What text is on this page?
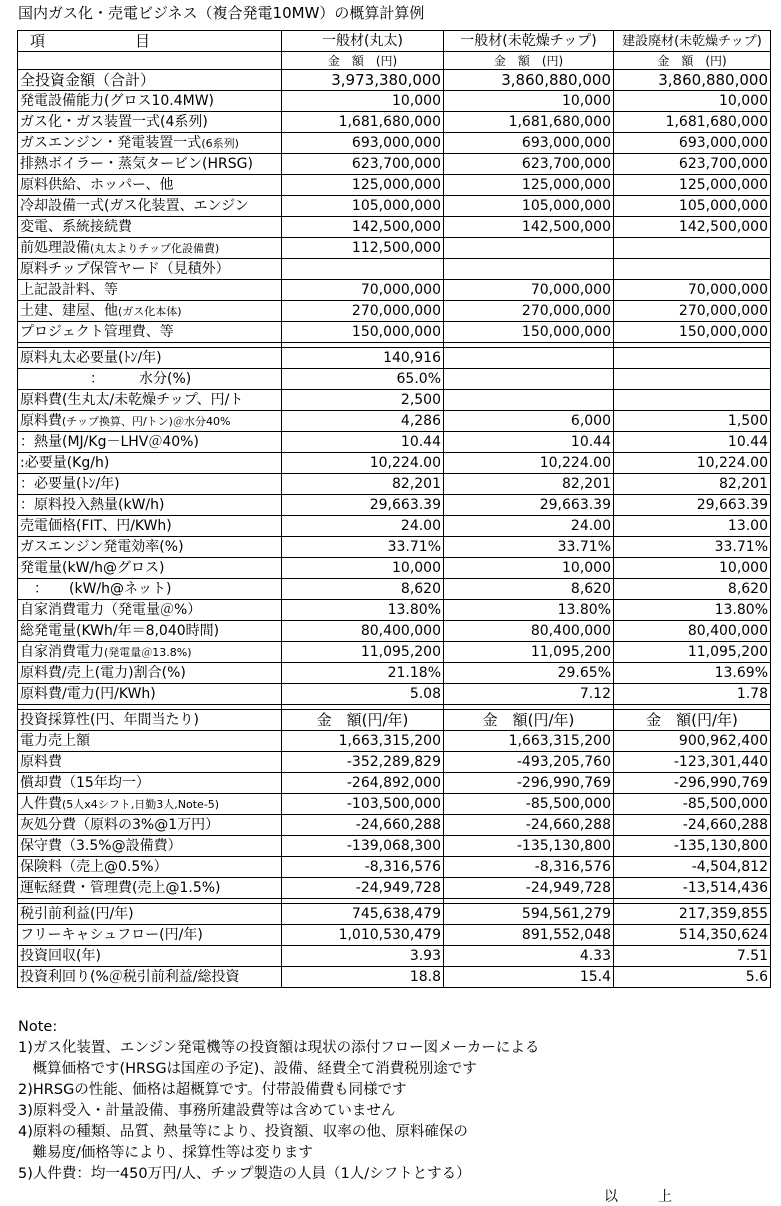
国内ガス化・売電ビジネス（複合発電10MW）の概算計算例
項　　　　　　目	一般材(丸太)	一般材(未乾燥チップ)	建設廃材(未乾燥チップ)
	金　額　(円)	金　額　(円)	金　額　(円)
全投資金額（合計）	3,973,380,000	3,860,880,000	3,860,880,000
発電設備能力(グロス10.4MW)	10,000	10,000	10,000
ガス化・ガス装置一式(4系列)	1,681,680,000	1,681,680,000	1,681,680,000
ガスエンジン・発電装置一式(6系列)	693,000,000	693,000,000	693,000,000
排熱ボイラー・蒸気タービン(HRSG)	623,700,000	623,700,000	623,700,000
原料供給、ホッパー、他	125,000,000	125,000,000	125,000,000
冷却設備一式(ガス化装置、エンジン	105,000,000	105,000,000	105,000,000
変電、系統接続費	142,500,000	142,500,000	142,500,000
前処理設備(丸太よりチップ化設備費)	112,500,000		
原料チップ保管ヤード（見積外）			
上記設計料、等	70,000,000	70,000,000	70,000,000
土建、建屋、他(ガス化本体)	270,000,000	270,000,000	270,000,000
プロジェクト管理費、等	150,000,000	150,000,000	150,000,000

原料丸太必要量(ﾄﾝ/年)	140,916		
　　　　　：　　　水分(%)	65.0%		
原料費(生丸太/未乾燥チップ、円/ト	2,500		
原料費(チップ換算、円/トン)＠水分40%	4,286	6,000	1,500
：熱量(MJ/Kg－LHV＠40%)	10.44	10.44	10.44
:必要量(Kg/h)	10,224.00	10,224.00	10,224.00
：必要量(ﾄﾝ/年)	82,201	82,201	82,201
：原料投入熱量(kW/h)	29,663.39	29,663.39	29,663.39
売電価格(FIT、円/KWh)	24.00	24.00	13.00
ガスエンジン発電効率(%)	33.71%	33.71%	33.71%
発電量(kW/h@グロス)	10,000	10,000	10,000
　：　　(kW/h@ネット)	8,620	8,620	8,620
自家消費電力（発電量＠%）	13.80%	13.80%	13.80%
総発電量(KWh/年＝8,040時間)	80,400,000	80,400,000	80,400,000
自家消費電力(発電量＠13.8%)	11,095,200	11,095,200	11,095,200
原料費/売上(電力)割合(%)	21.18%	29.65%	13.69%
原料費/電力(円/KWh)	5.08	7.12	1.78

投資採算性(円、年間当たり)	金　額(円/年)	金　額(円/年)	金　額(円/年)
電力売上額	1,663,315,200	1,663,315,200	900,962,400
原料費	-352,289,829	-493,205,760	-123,301,440
償却費（15年均一）	-264,892,000	-296,990,769	-296,990,769
人件費(5人x4シフト,日勤3人,Note-5)	-103,500,000	-85,500,000	-85,500,000
灰処分費（原料の3%@1万円）	-24,660,288	-24,660,288	-24,660,288
保守費（3.5%@設備費）	-139,068,300	-135,130,800	-135,130,800
保険料（売上@0.5%）	-8,316,576	-8,316,576	-4,504,812
運転経費・管理費(売上@1.5%)	-24,949,728	-24,949,728	-13,514,436

税引前利益(円/年)	745,638,479	594,561,279	217,359,855
フリーキャシュフロー(円/年)	1,010,530,479	891,552,048	514,350,624
投資回収(年)	3.93	4.33	7.51
投資利回り(%＠税引前利益/総投資	18.8	15.4	5.6
Note:
1)ガス化装置、エンジン発電機等の投資額は現状の添付フロー図メーカーによる
　概算価格です(HRSGは国産の予定)、設備、経費全て消費税別途です
2)HRSGの性能、価格は超概算です。付帯設備費も同様です
3)原料受入・計量設備、事務所建設費等は含めていません
4)原料の種類、品質、熱量等により、投資額、収率の他、原料確保の
　難易度/価格等により、採算性等は変ります
5)人件費：均一450万円/人、チップ製造の人員（1人/シフトとする）
以上
